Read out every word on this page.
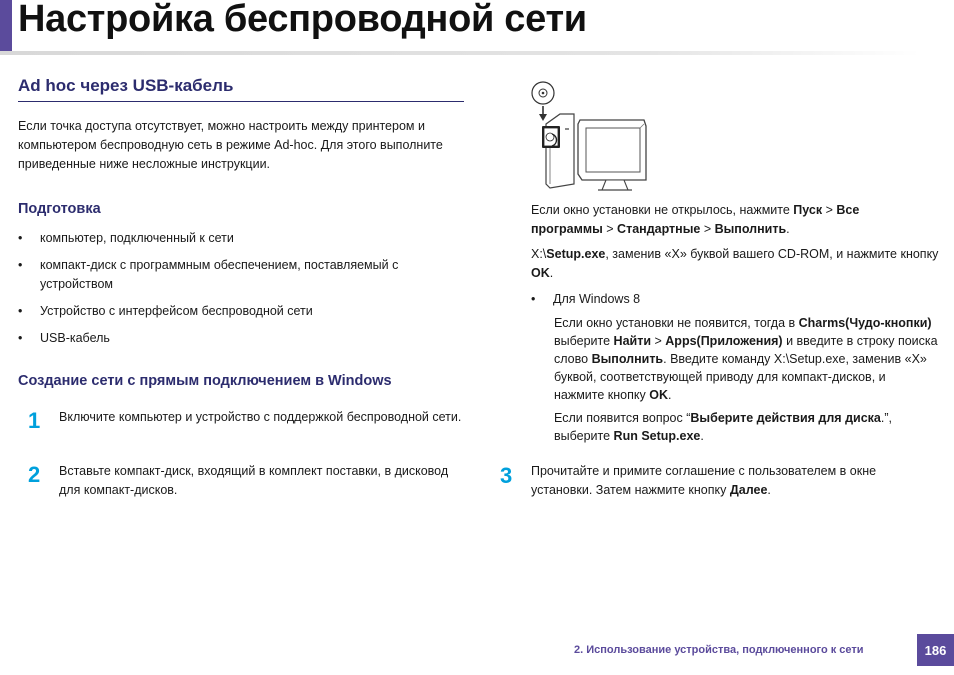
Настройка беспроводной сети
Ad hoc через USB-кабель

Если точка доступа отсутствует, можно настроить между принтером и компьютером беспроводную сеть в режиме Ad-hoc. Для этого выполните приведенные ниже несложные инструкции.

Подготовка
•	компьютер, подключенный к сети
•	компакт-диск с программным обеспечением, поставляемый с устройством
•	Устройство с интерфейсом беспроводной сети
•	USB-кабель
Создание сети с прямым подключением в Windows
1 Включите компьютер и устройство с поддержкой беспроводной сети.

2 Вставьте компакт-диск, входящий в комплект поставки, в дисковод для компакт-дисков.

Если окно установки не открылось, нажмите Пуск > Все программы > Стандартные > Выполнить.

X:\Setup.exe, заменив «X» буквой вашего CD-ROM, и нажмите кнопку OK.

•	Для Windows 8

Если окно установки не появится, тогда в Charms(Чудо-кнопки) выберите Найти > Apps(Приложения) и введите в строку поиска слово Выполнить. Введите команду X:\Setup.exe, заменив «X» буквой, соответствующей приводу для компакт-дисков, и нажмите кнопку OK.

Если появится вопрос “Выберите действия для диска.”, выберите Run Setup.exe.

3 Прочитайте и примите соглашение с пользователем в окне установки. Затем нажмите кнопку Далее.

2. Использование устройства, подключенного к сети	186
